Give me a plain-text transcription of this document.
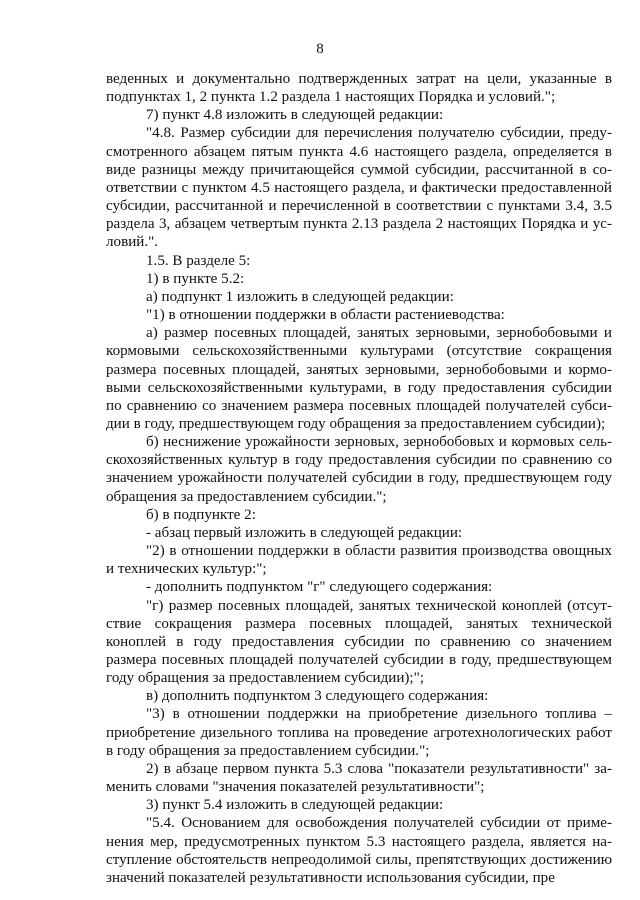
8

веденных и документально подтвержденных затрат на цели, указанные в подпунктах 1, 2 пункта 1.2 раздела 1 настоящих Порядка и условий.";

7) пункт 4.8 изложить в следующей редакции:

"4.8. Размер субсидии для перечисления получателю субсидии, предусмотренного абзацем пятым пункта 4.6 настоящего раздела, определяется в виде разницы между причитающейся суммой субсидии, рассчитанной в соответствии с пунктом 4.5 настоящего раздела, и фактически предоставленной субсидии, рассчитанной и перечисленной в соответствии с пунктами 3.4, 3.5 раздела 3, абзацем четвертым пункта 2.13 раздела 2 настоящих Порядка и условий.".

1.5. В разделе 5:

1) в пункте 5.2:

а) подпункт 1 изложить в следующей редакции:

"1) в отношении поддержки в области растениеводства:

а) размер посевных площадей, занятых зерновыми, зернобобовыми и кормовыми сельскохозяйственными культурами (отсутствие сокращения размера посевных площадей, занятых зерновыми, зернобобовыми и кормовыми сельскохозяйственными культурами, в году предоставления субсидии по сравнению со значением размера посевных площадей получателей субсидии в году, предшествующем году обращения за предоставлением субсидии);

б) неснижение урожайности зерновых, зернобобовых и кормовых сельскохозяйственных культур в году предоставления субсидии по сравнению со значением урожайности получателей субсидии в году, предшествующем году обращения за предоставлением субсидии.";

б) в подпункте 2:

- абзац первый изложить в следующей редакции:

"2) в отношении поддержки в области развития производства овощных и технических культур:";

- дополнить подпунктом "г" следующего содержания:

"г) размер посевных площадей, занятых технической коноплей (отсутствие сокращения размера посевных площадей, занятых технической коноплей в году предоставления субсидии по сравнению со значением размера посевных площадей получателей субсидии в году, предшествующем году обращения за предоставлением субсидии);";

в) дополнить подпунктом 3 следующего содержания:

"3) в отношении поддержки на приобретение дизельного топлива – приобретение дизельного топлива на проведение агротехнологических работ в году обращения за предоставлением субсидии.";

2) в абзаце первом пункта 5.3 слова "показатели результативности" заменить словами "значения показателей результативности";

3) пункт 5.4 изложить в следующей редакции:

"5.4. Основанием для освобождения получателей субсидии от применения мер, предусмотренных пунктом 5.3 настоящего раздела, является наступление обстоятельств непреодолимой силы, препятствующих достижению значений показателей результативности использования субсидии, пре
